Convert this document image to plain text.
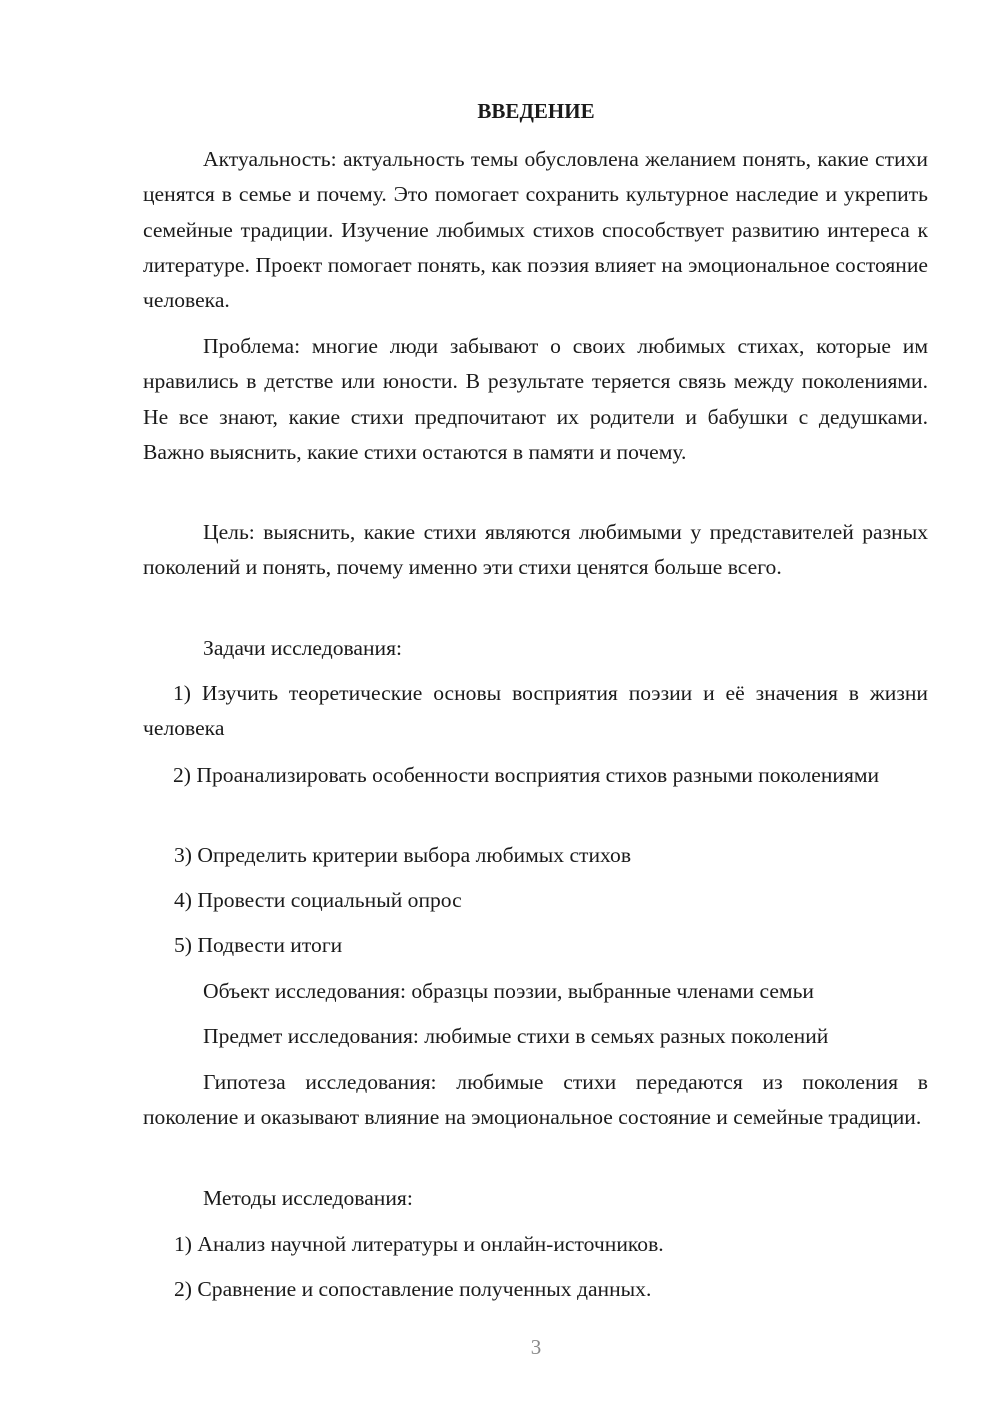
ВВЕДЕНИЕ

Актуальность: актуальность темы обусловлена желанием понять, какие стихи ценятся в семье и почему. Это помогает сохранить культурное наследие и укрепить семейные традиции. Изучение любимых стихов способствует развитию интереса к литературе. Проект помогает понять, как поэзия влияет на эмоциональное состояние человека.

Проблема: многие люди забывают о своих любимых стихах, которые им нравились в детстве или юности. В результате теряется связь между поколениями. Не все знают, какие стихи предпочитают их родители и бабушки с дедушками. Важно выяснить, какие стихи остаются в памяти и почему.

Цель: выяснить, какие стихи являются любимыми у представителей разных поколений и понять, почему именно эти стихи ценятся больше всего.

Задачи исследования:

1) Изучить теоретические основы восприятия поэзии и её значения в жизни человека

2) Проанализировать особенности восприятия стихов разными поколениями

3) Определить критерии выбора любимых стихов

4) Провести социальный опрос

5) Подвести итоги

Объект исследования: образцы поэзии, выбранные членами семьи

Предмет исследования: любимые стихи в семьях разных поколений

Гипотеза исследования: любимые стихи передаются из поколения в поколение и оказывают влияние на эмоциональное состояние и семейные традиции.

Методы исследования:

1) Анализ научной литературы и онлайн-источников.

2) Сравнение и сопоставление полученных данных.

3
